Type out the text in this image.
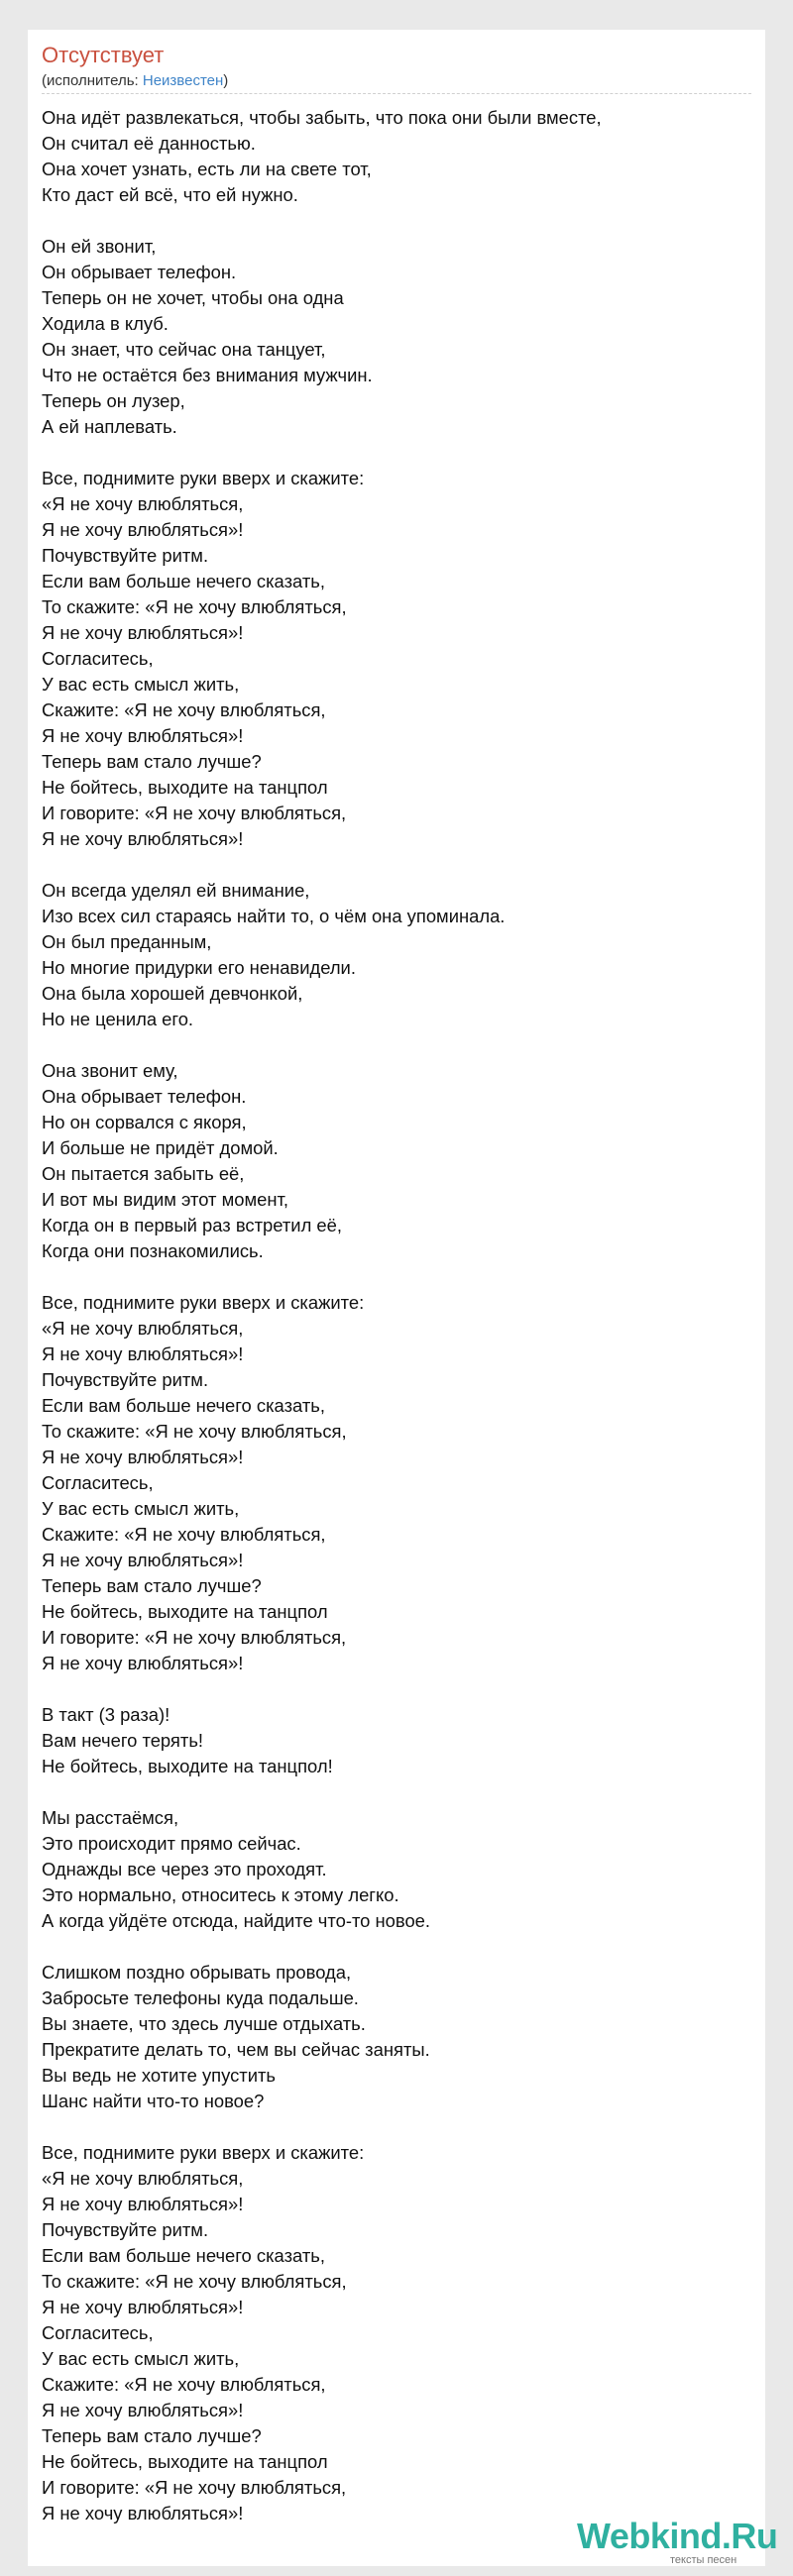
Отсутствует
(исполнитель: Неизвестен)
Она идёт развлекаться, чтобы забыть, что пока они были вместе,
Он считал её данностью.
Она хочет узнать, есть ли на свете тот,
Кто даст ей всё, что ей нужно.
Он ей звонит,
Он обрывает телефон.
Теперь он не хочет, чтобы она одна
Ходила в клуб.
Он знает, что сейчас она танцует,
Что не остаётся без внимания мужчин.
Теперь он лузер,
А ей наплевать.
Все, поднимите руки вверх и скажите:
«Я не хочу влюбляться,
Я не хочу влюбляться»!
Почувствуйте ритм.
Если вам больше нечего сказать,
То скажите: «Я не хочу влюбляться,
Я не хочу влюбляться»!
Согласитесь,
У вас есть смысл жить,
Скажите: «Я не хочу влюбляться,
Я не хочу влюбляться»!
Теперь вам стало лучше?
Не бойтесь, выходите на танцпол
И говорите: «Я не хочу влюбляться,
Я не хочу влюбляться»!
Он всегда уделял ей внимание,
Изо всех сил стараясь найти то, о чём она упоминала.
Он был преданным,
Но многие придурки его ненавидели.
Она была хорошей девчонкой,
Но не ценила его.
Она звонит ему,
Она обрывает телефон.
Но он сорвался с якоря,
И больше не придёт домой.
Он пытается забыть её,
И вот мы видим этот момент,
Когда он в первый раз встретил её,
Когда они познакомились.
Все, поднимите руки вверх и скажите:
«Я не хочу влюбляться,
Я не хочу влюбляться»!
Почувствуйте ритм.
Если вам больше нечего сказать,
То скажите: «Я не хочу влюбляться,
Я не хочу влюбляться»!
Согласитесь,
У вас есть смысл жить,
Скажите: «Я не хочу влюбляться,
Я не хочу влюбляться»!
Теперь вам стало лучше?
Не бойтесь, выходите на танцпол
И говорите: «Я не хочу влюбляться,
Я не хочу влюбляться»!
В такт (3 раза)!
Вам нечего терять!
Не бойтесь, выходите на танцпол!
Мы расстаёмся,
Это происходит прямо сейчас.
Однажды все через это проходят.
Это нормально, относитесь к этому легко.
А когда уйдёте отсюда, найдите что-то новое.
Слишком поздно обрывать провода,
Забросьте телефоны куда подальше.
Вы знаете, что здесь лучше отдыхать.
Прекратите делать то, чем вы сейчас заняты.
Вы ведь не хотите упустить
Шанс найти что-то новое?
Все, поднимите руки вверх и скажите:
«Я не хочу влюбляться,
Я не хочу влюбляться»!
Почувствуйте ритм.
Если вам больше нечего сказать,
То скажите: «Я не хочу влюбляться,
Я не хочу влюбляться»!
Согласитесь,
У вас есть смысл жить,
Скажите: «Я не хочу влюбляться,
Я не хочу влюбляться»!
Теперь вам стало лучше?
Не бойтесь, выходите на танцпол
И говорите: «Я не хочу влюбляться,
Я не хочу влюбляться»!
Webkind.Ru
тексты песен
